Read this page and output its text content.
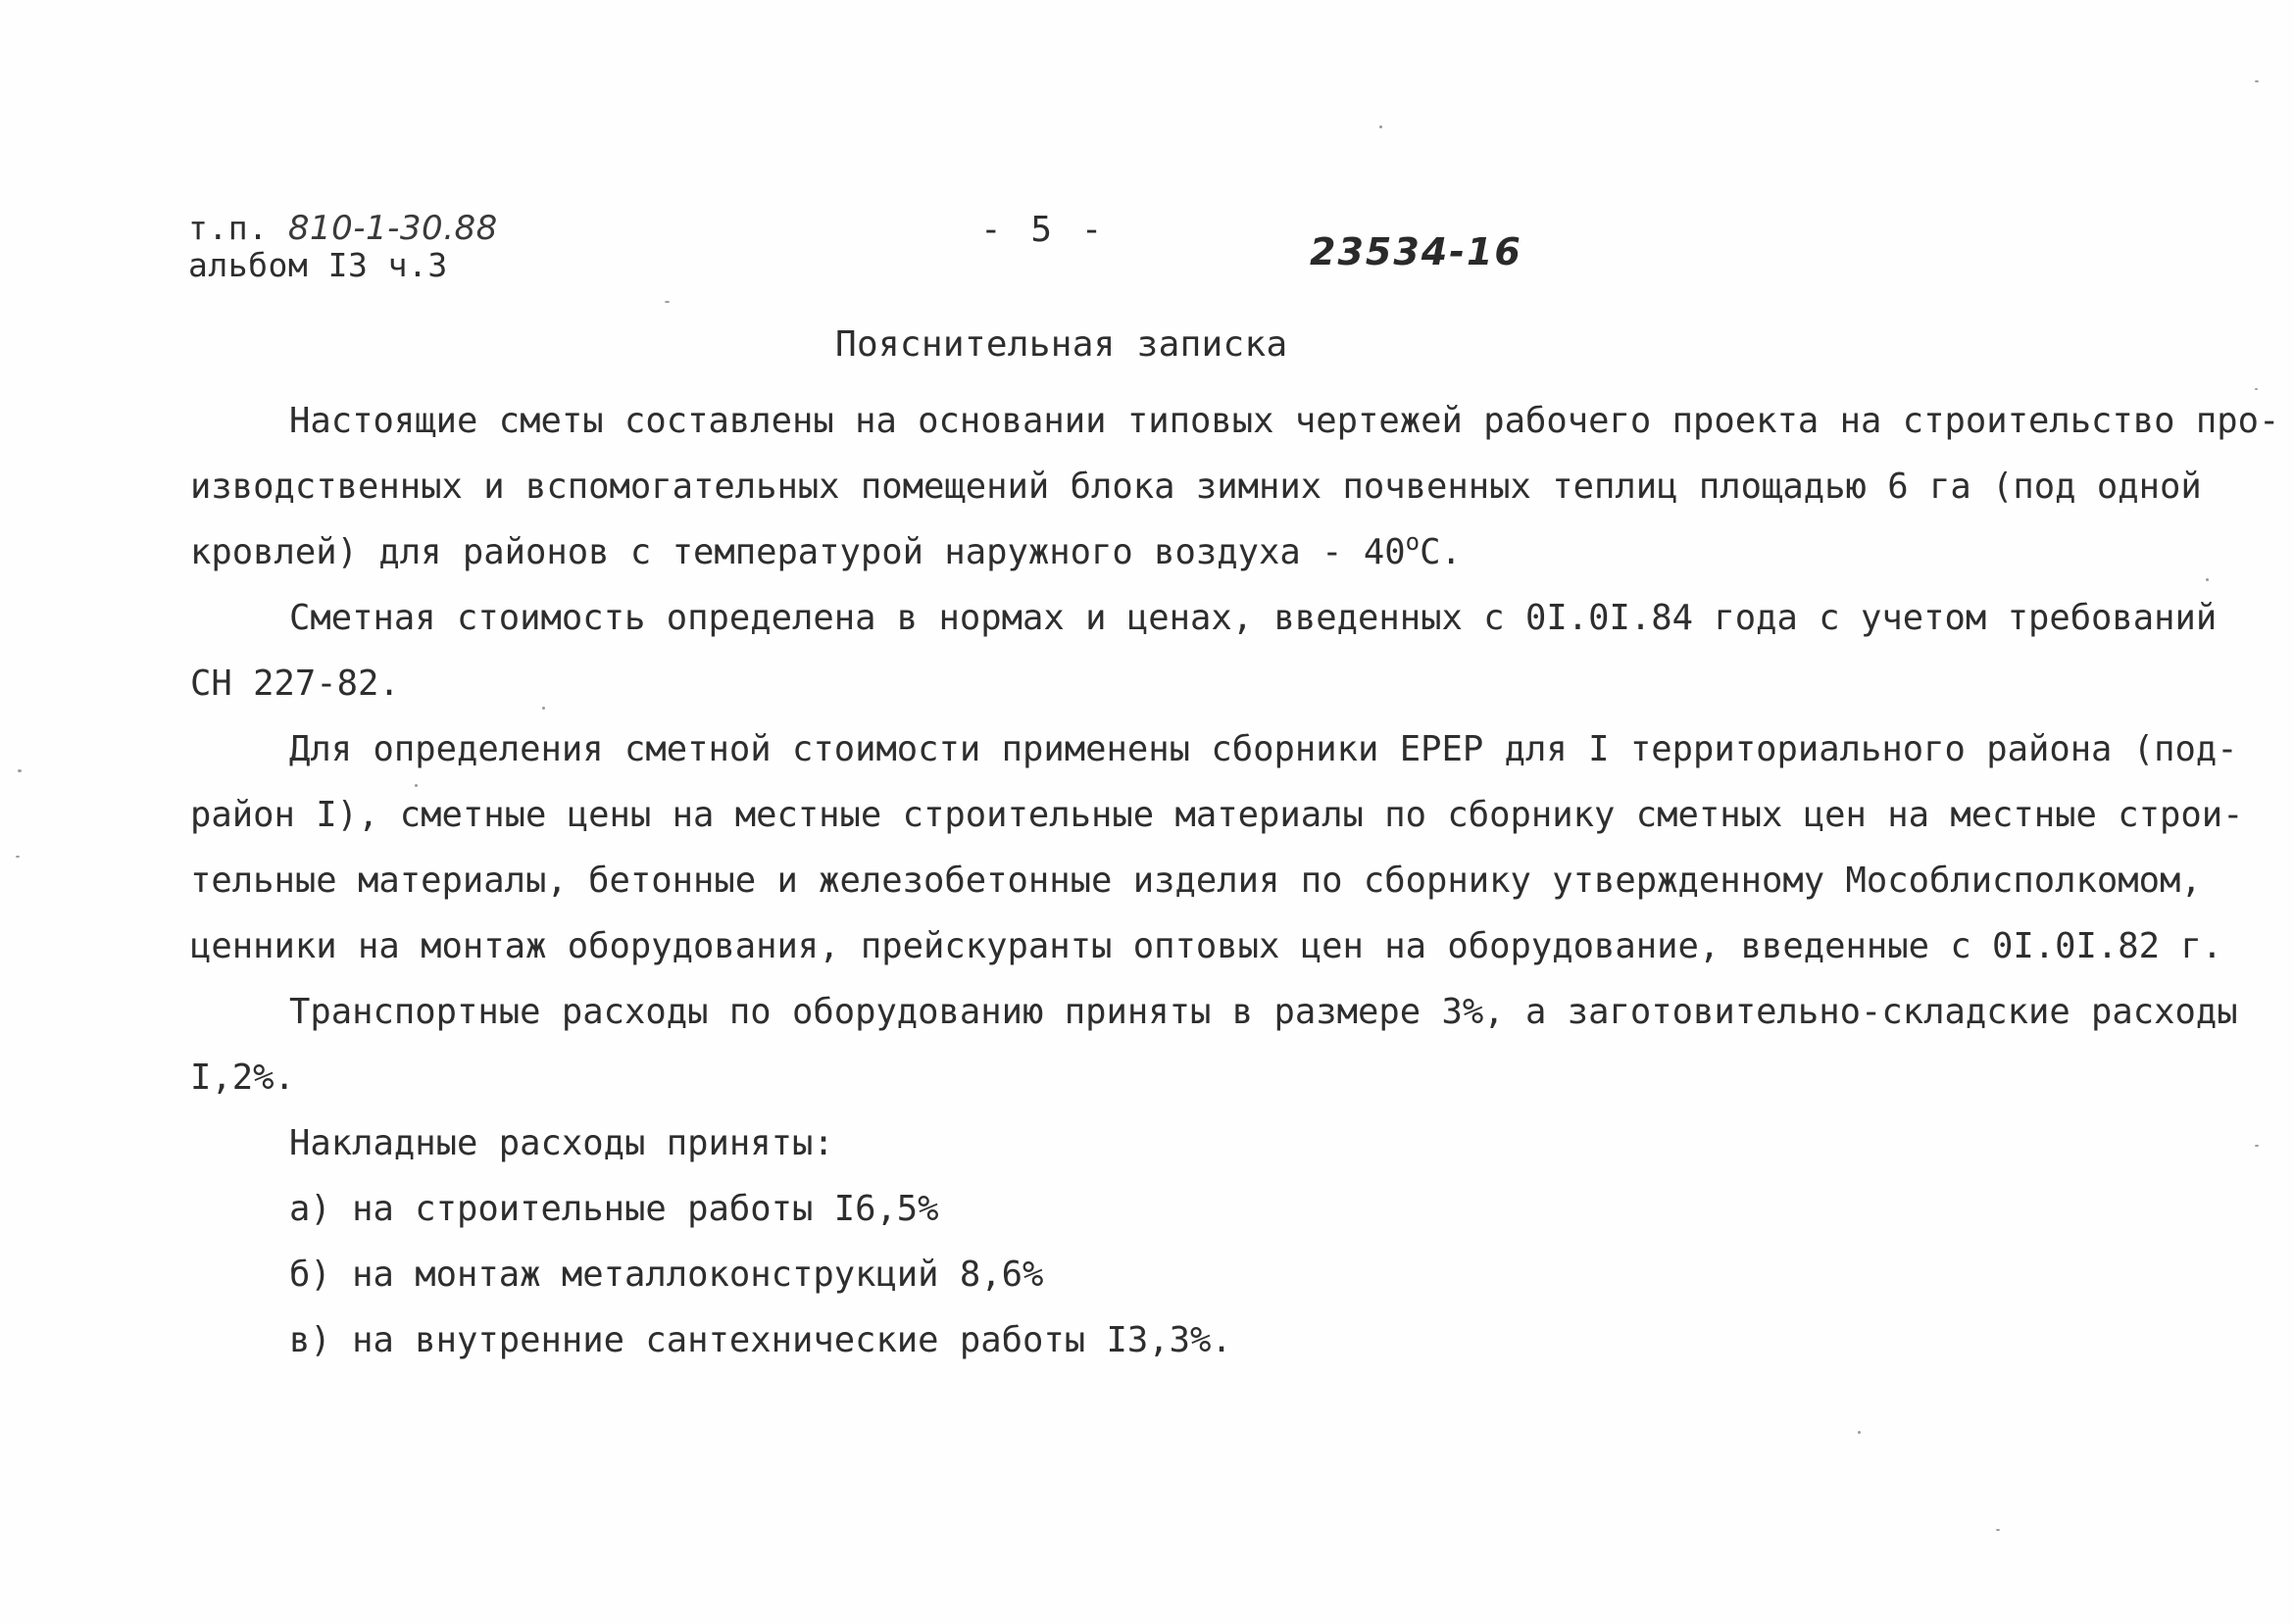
т.п. 810-1-30.88
альбом I3 ч.3
- 5 -
23534-16
Пояснительная записка
Настоящие сметы составлены на основании типовых чертежей рабочего проекта на строительство про-
изводственных и вспомогательных помещений блока зимних почвенных теплиц площадью 6 га (под одной
кровлей) для районов с температурой наружного воздуха - 40$^o$С.
Сметная стоимость определена в нормах и ценах, введенных с 0I.0I.84 года с учетом требований
СН 227-82.
Для определения сметной стоимости применены сборники ЕРЕР для I территориального района (под-
район I), сметные цены на местные строительные материалы по сборнику сметных цен на местные строи-
тельные материалы, бетонные и железобетонные изделия по сборнику утвержденному Мособлисполкомом,
ценники на монтаж оборудования, прейскуранты оптовых цен на оборудование, введенные с 0I.0I.82 г.
Транспортные расходы по оборудованию приняты в размере 3%, а заготовительно-складские расходы
I,2%.
Накладные расходы приняты:
а) на строительные работы I6,5%
б) на монтаж металлоконструкций 8,6%
в) на внутренние сантехнические работы I3,3%.
